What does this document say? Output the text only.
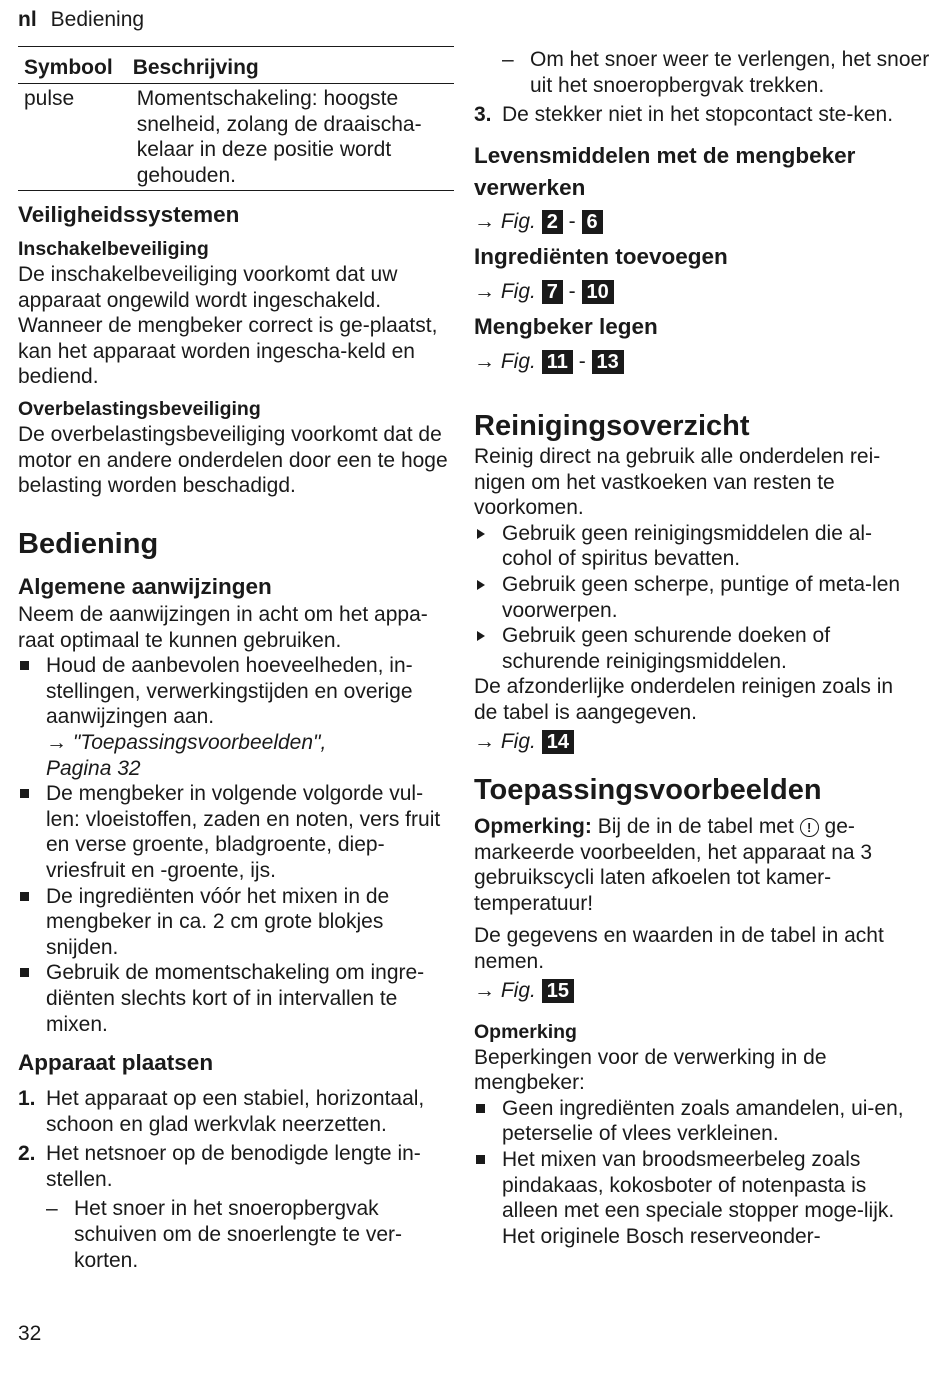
nl Bediening
Symbool	Beschrijving
pulse	Momentschakeling: hoogste snelheid, zolang de draaischa-kelaar in deze positie wordt gehouden.

Veiligheidssystemen

Inschakelbeveiliging

De inschakelbeveiliging voorkomt dat uw apparaat ongewild wordt ingeschakeld. Wanneer de mengbeker correct is ge-plaatst, kan het apparaat worden ingescha-keld en bediend.

Overbelastingsbeveiliging

De overbelastingsbeveiliging voorkomt dat de motor en andere onderdelen door een te hoge belasting worden beschadigd.

Bediening

Algemene aanwijzingen

Neem de aanwijzingen in acht om het appa-raat optimaal te kunnen gebruiken.

Houd de aanbevolen hoeveelheden, in-stellingen, verwerkingstijden en overige aanwijzingen aan.
→ "Toepassingsvoorbeelden",
Pagina 32
De mengbeker in volgende volgorde vul-len: vloeistoffen, zaden en noten, vers fruit en verse groente, bladgroente, diep-vriesfruit en -groente, ijs.
De ingrediënten vóór het mixen in de mengbeker in ca. 2 cm grote blokjes snijden.
Gebruik de momentschakeling om ingre-diënten slechts kort of in intervallen te mixen.

Apparaat plaatsen

1. Het apparaat op een stabiel, horizontaal, schoon en glad werkvlak neerzetten.
2. Het netsnoer op de benodigde lengte in-stellen.
– Het snoer in het snoeropbergvak schuiven om de snoerlengte te ver-korten.
32
– Om het snoer weer te verlengen, het snoer uit het snoeropbergvak trekken.
3. De stekker niet in het stopcontact ste-ken.

Levensmiddelen met de mengbeker verwerken

→ Fig. 2 - 6

Ingrediënten toevoegen

→ Fig. 7 - 10

Mengbeker legen

→ Fig. 11 - 13

Reinigingsoverzicht

Reinig direct na gebruik alle onderdelen rei-nigen om het vastkoeken van resten te voorkomen.

Gebruik geen reinigingsmiddelen die al-cohol of spiritus bevatten.
Gebruik geen scherpe, puntige of meta-len voorwerpen.
Gebruik geen schurende doeken of schurende reinigingsmiddelen.

De afzonderlijke onderdelen reinigen zoals in de tabel is aangegeven.

→ Fig. 14

Toepassingsvoorbeelden

Opmerking: Bij de in de tabel met ! ge-markeerde voorbeelden, het apparaat na 3 gebruikscycli laten afkoelen tot kamer-temperatuur!

De gegevens en waarden in de tabel in acht nemen.

→ Fig. 15

Opmerking

Beperkingen voor de verwerking in de mengbeker:

Geen ingrediënten zoals amandelen, ui-en, peterselie of vlees verkleinen.
Het mixen van broodsmeerbeleg zoals pindakaas, kokosboter of notenpasta is alleen met een speciale stopper moge-lijk. Het originele Bosch reserveonder-
